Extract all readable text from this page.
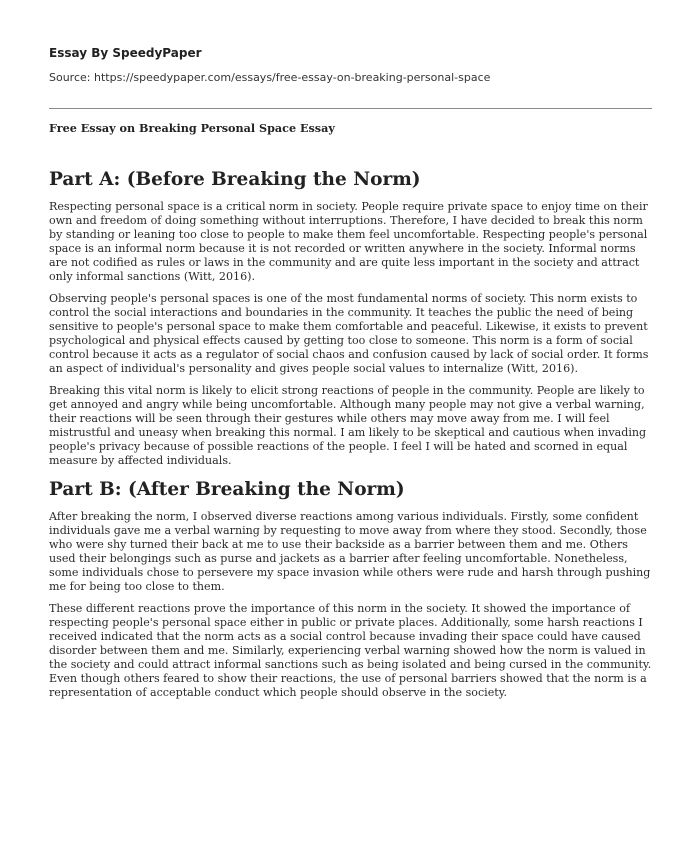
Essay By SpeedyPaper

Source: https://speedypaper.com/essays/free-essay-on-breaking-personal-space

Free Essay on Breaking Personal Space Essay

Part A: (Before Breaking the Norm)

Respecting personal space is a critical norm in society. People require private space to enjoy time on their own and freedom of doing something without interruptions. Therefore, I have decided to break this norm by standing or leaning too close to people to make them feel uncomfortable. Respecting people's personal space is an informal norm because it is not recorded or written anywhere in the society. Informal norms are not codified as rules or laws in the community and are quite less important in the society and attract only informal sanctions (Witt, 2016).

Observing people's personal spaces is one of the most fundamental norms of society. This norm exists to control the social interactions and boundaries in the community. It teaches the public the need of being sensitive to people's personal space to make them comfortable and peaceful. Likewise, it exists to prevent psychological and physical effects caused by getting too close to someone. This norm is a form of social control because it acts as a regulator of social chaos and confusion caused by lack of social order. It forms an aspect of individual's personality and gives people social values to internalize (Witt, 2016).

Breaking this vital norm is likely to elicit strong reactions of people in the community. People are likely to get annoyed and angry while being uncomfortable. Although many people may not give a verbal warning, their reactions will be seen through their gestures while others may move away from me. I will feel mistrustful and uneasy when breaking this normal. I am likely to be skeptical and cautious when invading people's privacy because of possible reactions of the people. I feel I will be hated and scorned in equal measure by affected individuals.

Part B: (After Breaking the Norm)

After breaking the norm, I observed diverse reactions among various individuals. Firstly, some confident individuals gave me a verbal warning by requesting to move away from where they stood. Secondly, those who were shy turned their back at me to use their backside as a barrier between them and me. Others used their belongings such as purse and jackets as a barrier after feeling uncomfortable. Nonetheless, some individuals chose to persevere my space invasion while others were rude and harsh through pushing me for being too close to them.

These different reactions prove the importance of this norm in the society. It showed the importance of respecting people's personal space either in public or private places. Additionally, some harsh reactions I received indicated that the norm acts as a social control because invading their space could have caused disorder between them and me. Similarly, experiencing verbal warning showed how the norm is valued in the society and could attract informal sanctions such as being isolated and being cursed in the community. Even though others feared to show their reactions, the use of personal barriers showed that the norm is a representation of acceptable conduct which people should observe in the society.
